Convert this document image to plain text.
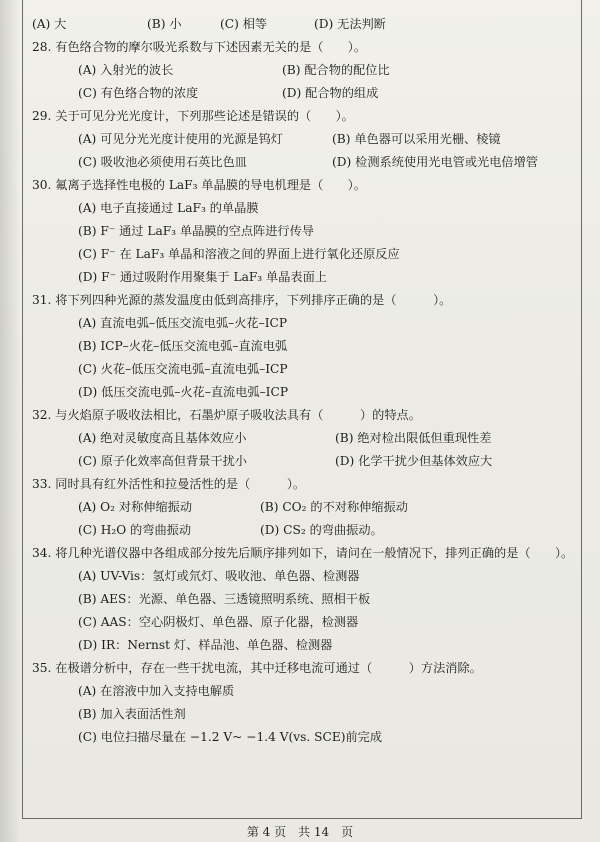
(A) 大	(B) 小	(C) 相等	(D) 无法判断
28. 有色络合物的摩尔吸光系数与下述因素无关的是（　　）。
(A) 入射光的波长	(B) 配合物的配位比
(C) 有色络合物的浓度	(D) 配合物的组成
29. 关于可见分光光度计，下列那些论述是错误的（　　）。
(A) 可见分光光度计使用的光源是钨灯	(B) 单色器可以采用光栅、棱镜
(C) 吸收池必须使用石英比色皿	(D) 检测系统使用光电管或光电倍增管
30. 氟离子选择性电极的 LaF₃ 单晶膜的导电机理是（　　）。
(A) 电子直接通过 LaF₃ 的单晶膜
(B) F⁻ 通过 LaF₃ 单晶膜的空点阵进行传导
(C) F⁻ 在 LaF₃ 单晶和溶液之间的界面上进行氧化还原反应
(D) F⁻ 通过吸附作用聚集于 LaF₃ 单晶表面上
31. 将下列四种光源的蒸发温度由低到高排序，下列排序正确的是（　　　）。
(A) 直流电弧–低压交流电弧–火花–ICP
(B) ICP–火花–低压交流电弧–直流电弧
(C) 火花–低压交流电弧–直流电弧–ICP
(D) 低压交流电弧–火花–直流电弧–ICP
32. 与火焰原子吸收法相比，石墨炉原子吸收法具有（　　　）的特点。
(A) 绝对灵敏度高且基体效应小	(B) 绝对检出限低但重现性差
(C) 原子化效率高但背景干扰小	(D) 化学干扰少但基体效应大
33. 同时具有红外活性和拉曼活性的是（　　　）。
(A) O₂ 对称伸缩振动	(B) CO₂ 的不对称伸缩振动
(C) H₂O 的弯曲振动	(D) CS₂ 的弯曲振动。
34. 将几种光谱仪器中各组成部分按先后顺序排列如下，请问在一般情况下，排列正确的是（　　）。
(A) UV-Vis：氢灯或氘灯、吸收池、单色器、检测器
(B) AES：光源、单色器、三透镜照明系统、照相干板
(C) AAS：空心阴极灯、单色器、原子化器，检测器
(D) IR：Nernst 灯、样品池、单色器、检测器
35. 在极谱分析中，存在一些干扰电流，其中迁移电流可通过（　　　）方法消除。
(A) 在溶液中加入支持电解质
(B) 加入表面活性剂
(C) 电位扫描尽量在 −1.2 V~ −1.4 V(vs. SCE)前完成
第 4 页　共 14　页
